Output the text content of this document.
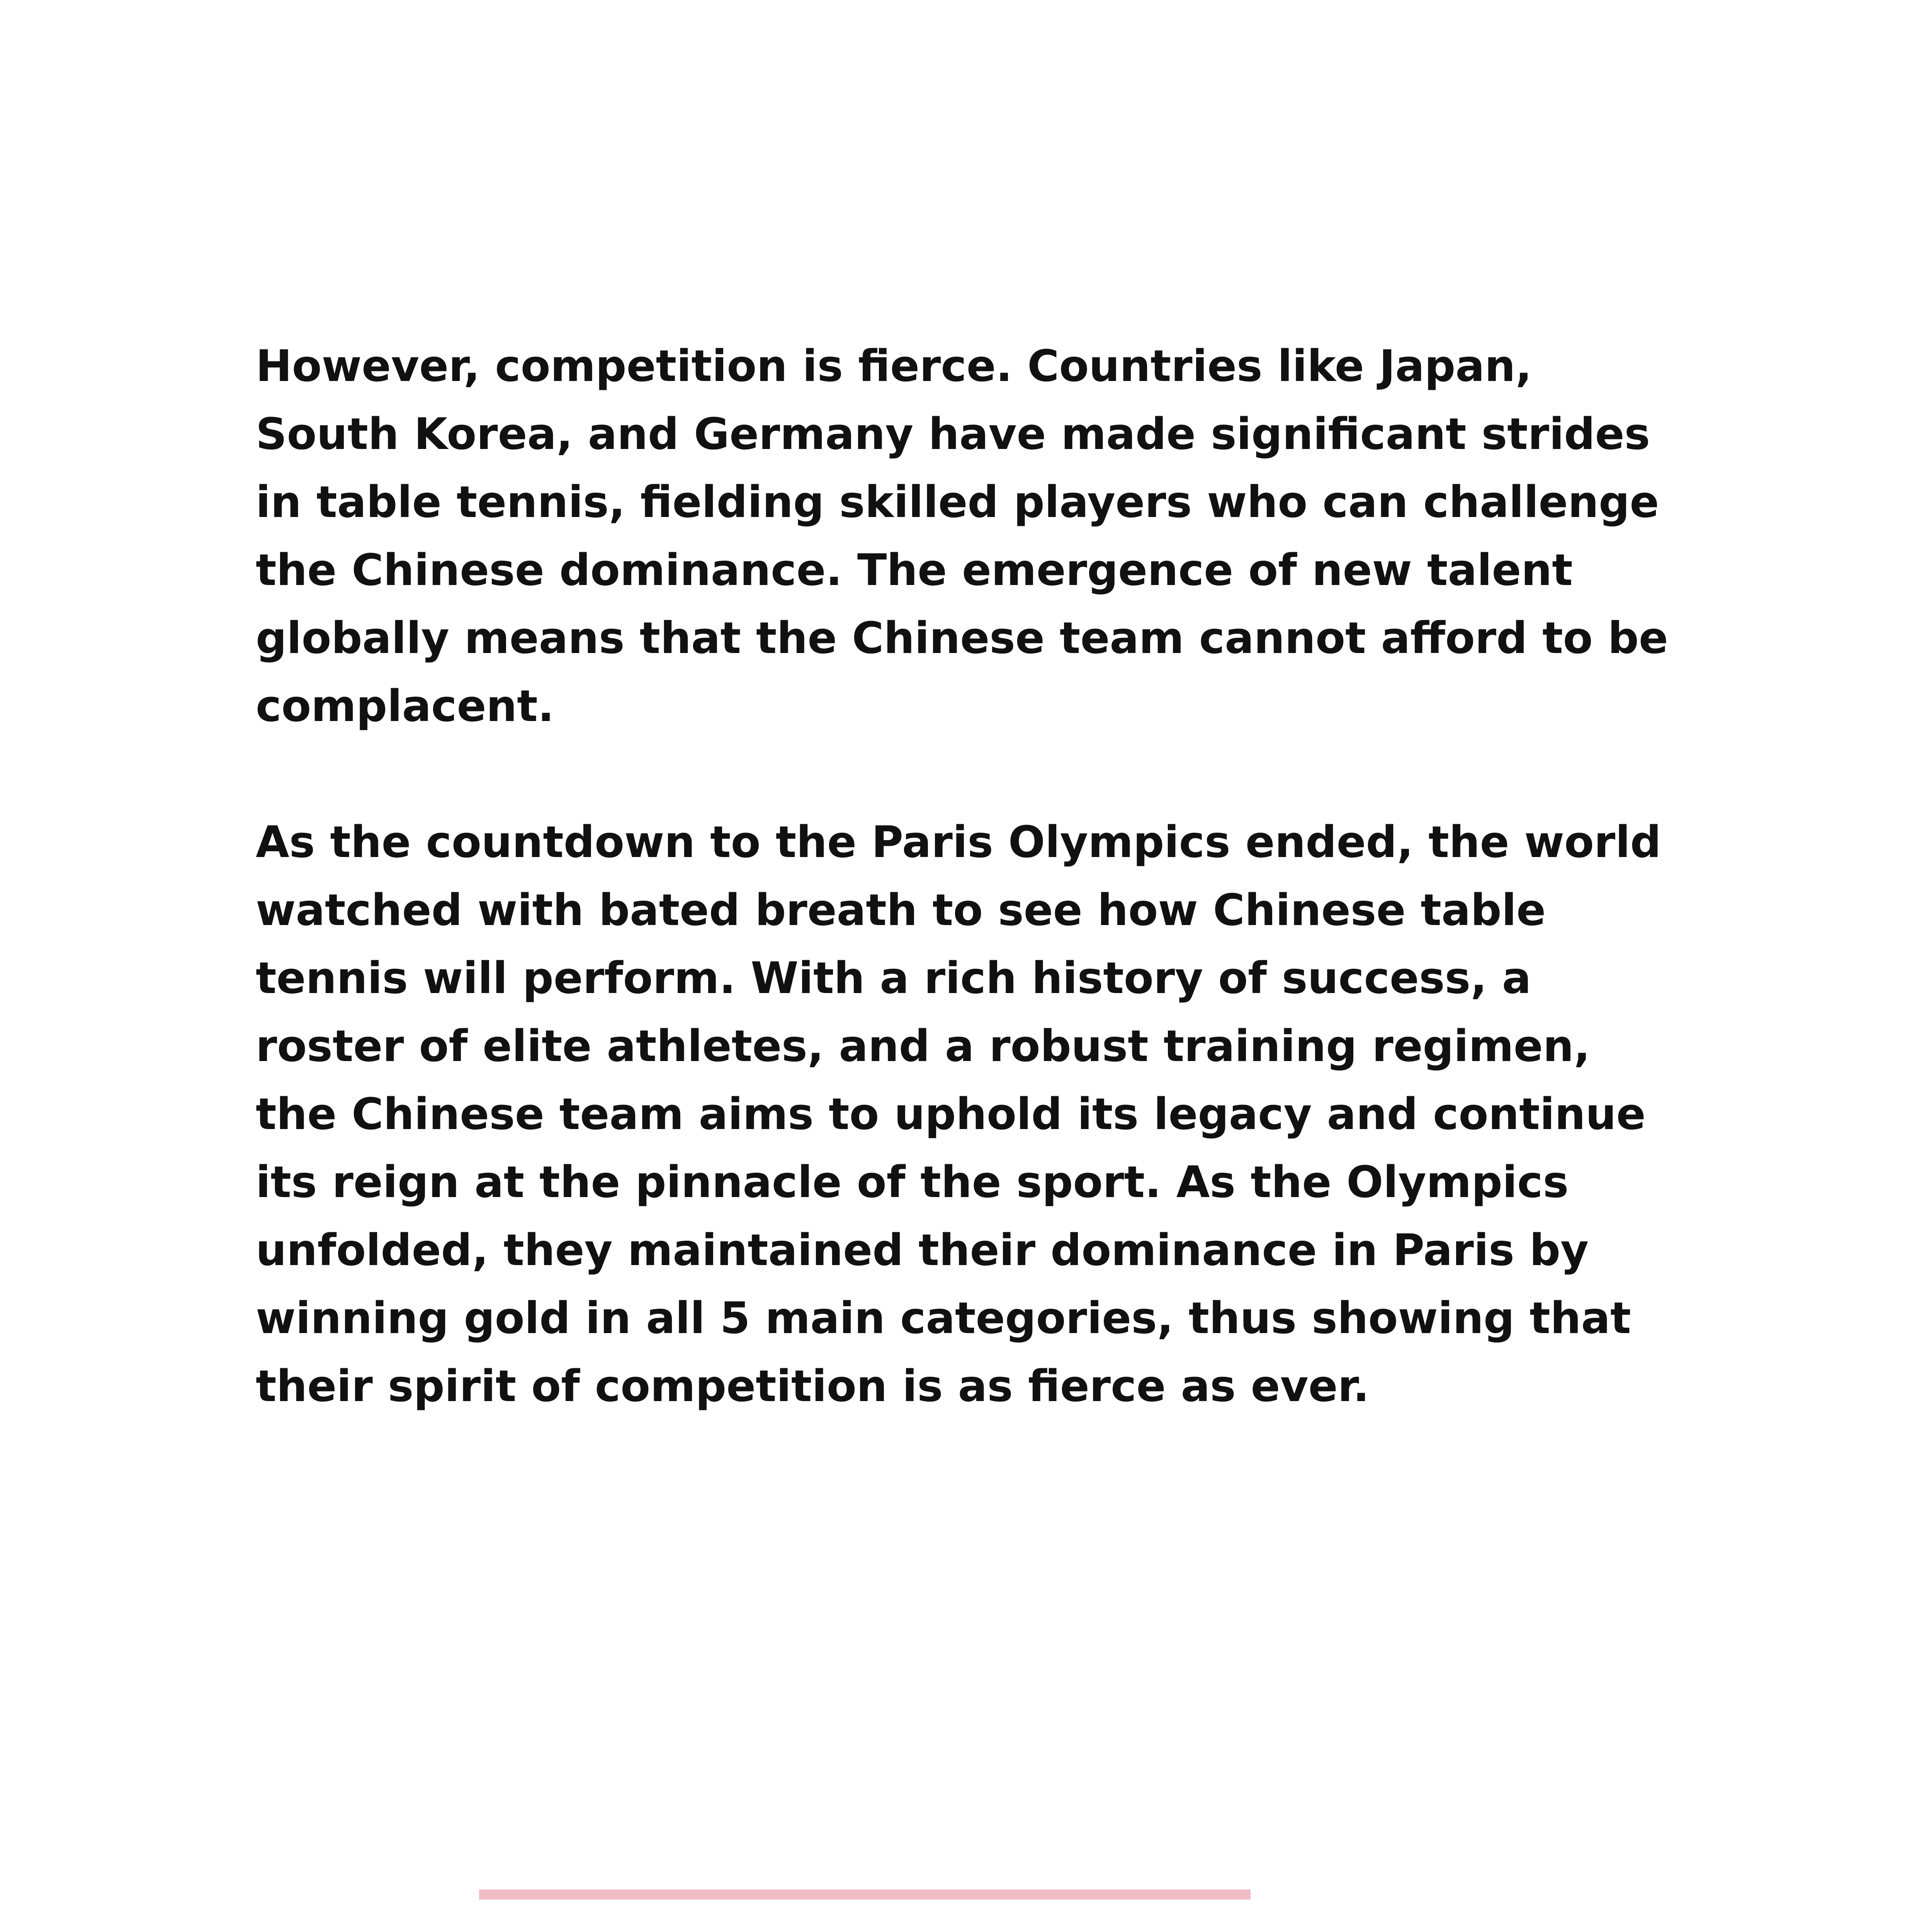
However, competition is fierce. Countries like Japan, South Korea, and Germany have made significant strides in table tennis, fielding skilled players who can challenge the Chinese dominance. The emergence of new talent globally means that the Chinese team cannot afford to be complacent.

As the countdown to the Paris Olympics ended, the world watched with bated breath to see how Chinese table tennis will perform. With a rich history of success, a roster of elite athletes, and a robust training regimen, the Chinese team aims to uphold its legacy and continue its reign at the pinnacle of the sport. As the Olympics unfolded, they maintained their dominance in Paris by winning gold in all 5 main categories, thus showing that their spirit of competition is as fierce as ever.
